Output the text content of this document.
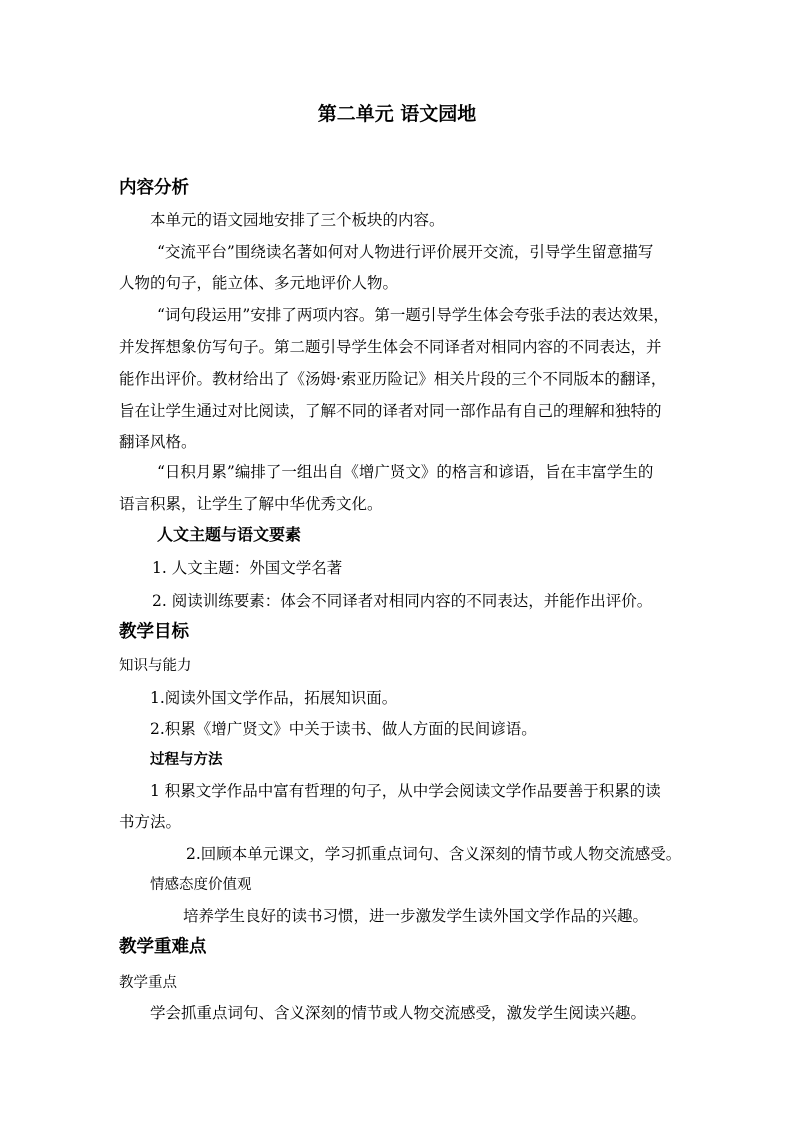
第二单元 语文园地
内容分析
本单元的语文园地安排了三个板块的内容。
“交流平台”围绕读名著如何对人物进行评价展开交流，引导学生留意描写
人物的句子，能立体、多元地评价人物。
“词句段运用”安排了两项内容。第一题引导学生体会夸张手法的表达效果，
并发挥想象仿写句子。第二题引导学生体会不同译者对相同内容的不同表达，并
能作出评价。教材给出了《汤姆·索亚历险记》相关片段的三个不同版本的翻译，
旨在让学生通过对比阅读，了解不同的译者对同一部作品有自己的理解和独特的
翻译风格。
“日积月累”编排了一组出自《增广贤文》的格言和谚语，旨在丰富学生的
语言积累，让学生了解中华优秀文化。
人文主题与语文要素
1. 人文主题：外国文学名著
2. 阅读训练要素：体会不同译者对相同内容的不同表达，并能作出评价。
教学目标
知识与能力
1.阅读外国文学作品，拓展知识面。
2.积累《增广贤文》中关于读书、做人方面的民间谚语。
过程与方法
1 积累文学作品中富有哲理的句子，从中学会阅读文学作品要善于积累的读
书方法。
2.回顾本单元课文，学习抓重点词句、含义深刻的情节或人物交流感受。
情感态度价值观
培养学生良好的读书习惯，进一步激发学生读外国文学作品的兴趣。
教学重难点
教学重点
学会抓重点词句、含义深刻的情节或人物交流感受，激发学生阅读兴趣。
